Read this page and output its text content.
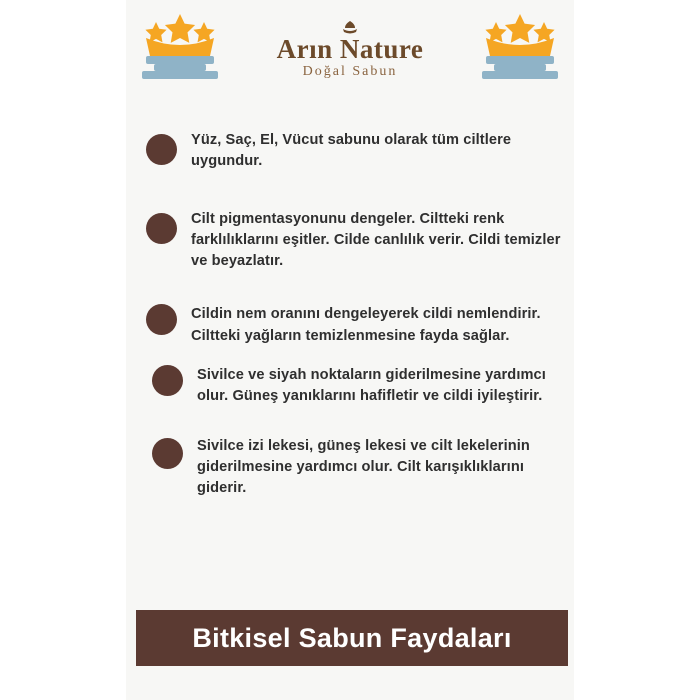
Arın Nature
Doğal Sabun
Yüz, Saç, El, Vücut sabunu olarak tüm ciltlere uygundur.
Cilt pigmentasyonunu dengeler. Ciltteki renk farklılıklarını eşitler. Cilde canlılık verir. Cildi temizler ve beyazlatır.
Cildin nem oranını dengeleyerek cildi nemlendirir. Ciltteki yağların temizlenmesine fayda sağlar.
Sivilce ve siyah noktaların giderilmesine yardımcı olur. Güneş yanıklarını hafifletir ve cildi iyileştirir.
Sivilce izi lekesi, güneş lekesi ve cilt lekelerinin giderilmesine yardımcı olur. Cilt karışıklıklarını giderir.
Bitkisel Sabun Faydaları
